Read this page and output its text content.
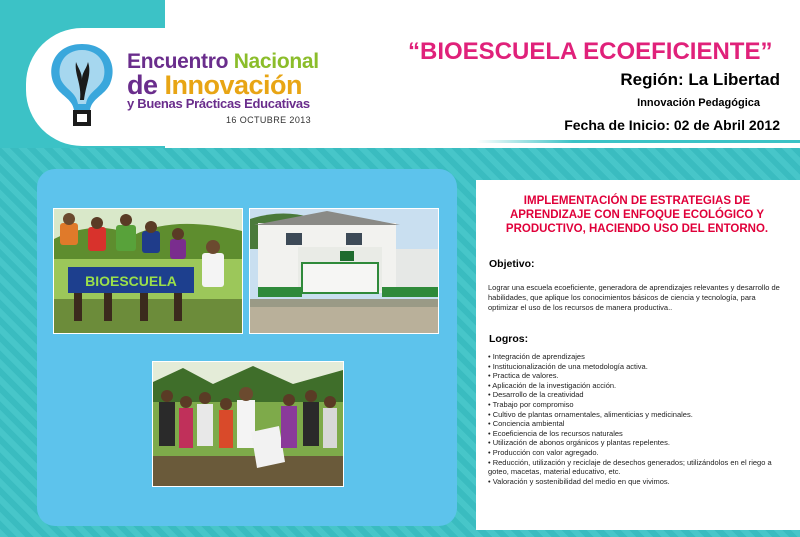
Encuentro Nacional
de Innovación
y Buenas Prácticas Educativas
16 OCTUBRE 2013
“BIOESCUELA ECOEFICIENTE”
Región: La Libertad
Innovación Pedagógica
Fecha de Inicio: 02 de Abril 2012
BIOESCUELA
IMPLEMENTACIÓN DE ESTRATEGIAS DE APRENDIZAJE CON ENFOQUE ECOLÓGICO Y PRODUCTIVO, HACIENDO USO DEL ENTORNO.
Objetivo:
Lograr una escuela ecoeficiente, generadora de aprendizajes relevantes y desarrollo de habilidades, que aplique los conocimientos básicos de ciencia y tecnología, para optimizar el uso de los recursos de manera productiva..
Logros:
• Integración de aprendizajes
• Institucionalización de una metodología activa.
• Practica de valores.
• Aplicación de la investigación acción.
• Desarrollo de la creatividad
• Trabajo por compromiso
• Cultivo de plantas ornamentales, alimenticias y medicinales.
• Conciencia ambiental
• Ecoeficiencia de los recursos naturales
• Utilización de abonos orgánicos y plantas repelentes.
• Producción con valor agregado.
• Reducción, utilización y reciclaje de desechos generados; utilizándolos en el riego a goteo, macetas, material educativo, etc.
• Valoración y sostenibilidad del medio en que vivimos.
